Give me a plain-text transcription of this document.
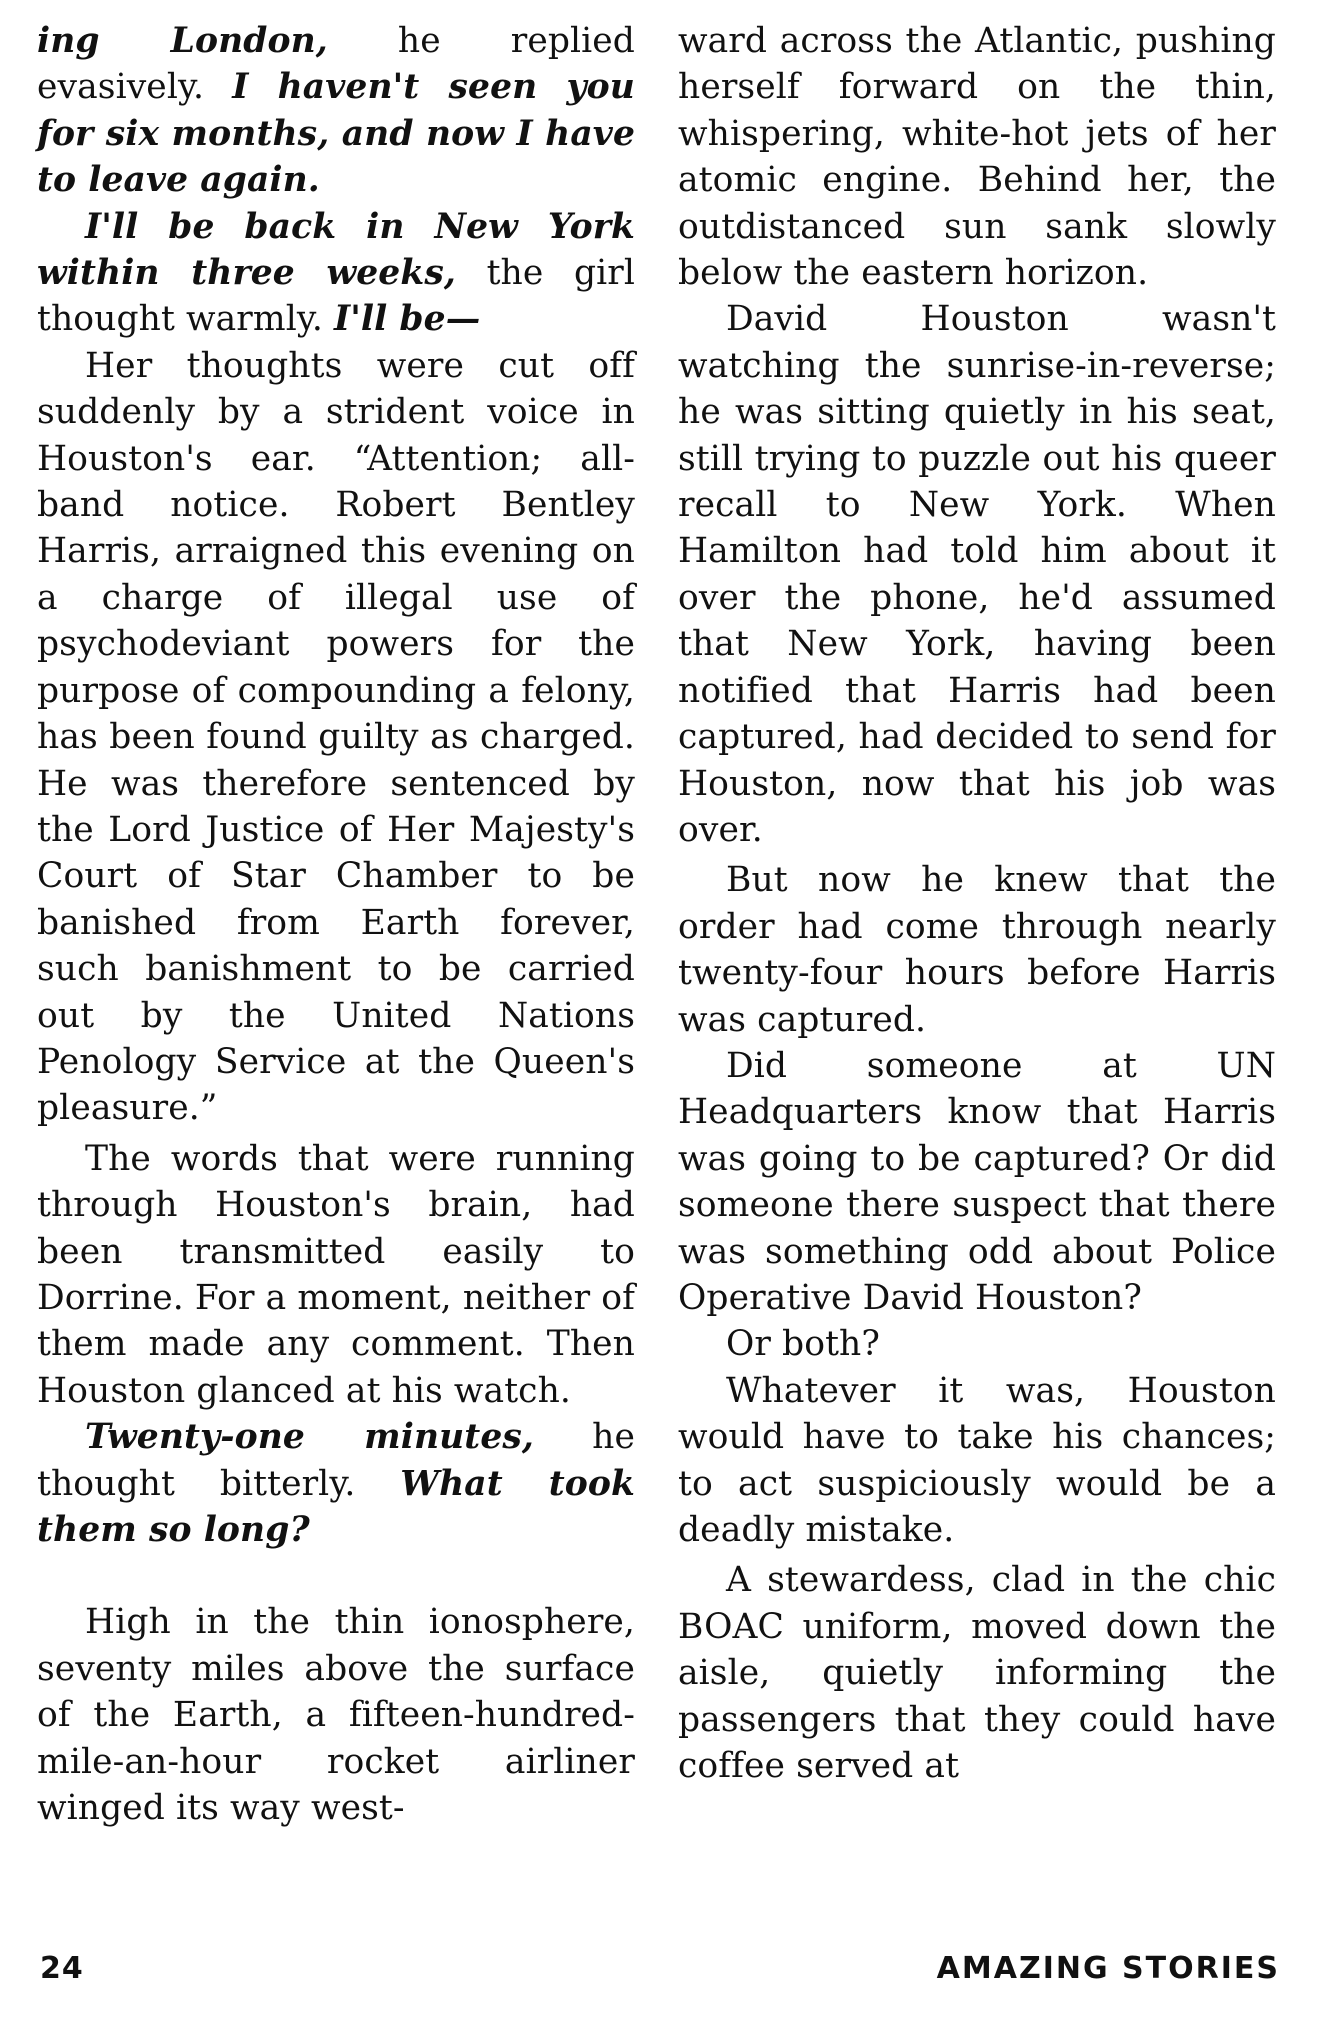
ing London, he replied evasively. I haven't seen you for six months, and now I have to leave again.

I'll be back in New York within three weeks, the girl thought warmly. I'll be—

Her thoughts were cut off suddenly by a strident voice in Houston's ear. “Attention; all-band notice. Robert Bentley Harris, arraigned this evening on a charge of illegal use of psychodeviant powers for the purpose of compounding a felony, has been found guilty as charged. He was therefore sentenced by the Lord Justice of Her Majesty's Court of Star Chamber to be banished from Earth forever, such banishment to be carried out by the United Nations Penology Service at the Queen's pleasure.”

The words that were running through Houston's brain, had been transmitted easily to Dorrine. For a moment, neither of them made any comment. Then Houston glanced at his watch.

Twenty-one minutes, he thought bitterly. What took them so long?

High in the thin ionosphere, seventy miles above the surface of the Earth, a fifteen-hundred-mile-an-hour rocket airliner winged its way west-

ward across the Atlantic, pushing herself forward on the thin, whispering, white-hot jets of her atomic engine. Behind her, the outdistanced sun sank slowly below the eastern horizon.

David Houston wasn't watching the sunrise-in-reverse; he was sitting quietly in his seat, still trying to puzzle out his queer recall to New York. When Hamilton had told him about it over the phone, he'd assumed that New York, having been notified that Harris had been captured, had decided to send for Houston, now that his job was over.

But now he knew that the order had come through nearly twenty-four hours before Harris was captured.

Did someone at UN Headquarters know that Harris was going to be captured? Or did someone there suspect that there was something odd about Police Operative David Houston?

Or both?

Whatever it was, Houston would have to take his chances; to act suspiciously would be a deadly mistake.

A stewardess, clad in the chic BOAC uniform, moved down the aisle, quietly informing the passengers that they could have coffee served at

24	AMAZING STORIES
